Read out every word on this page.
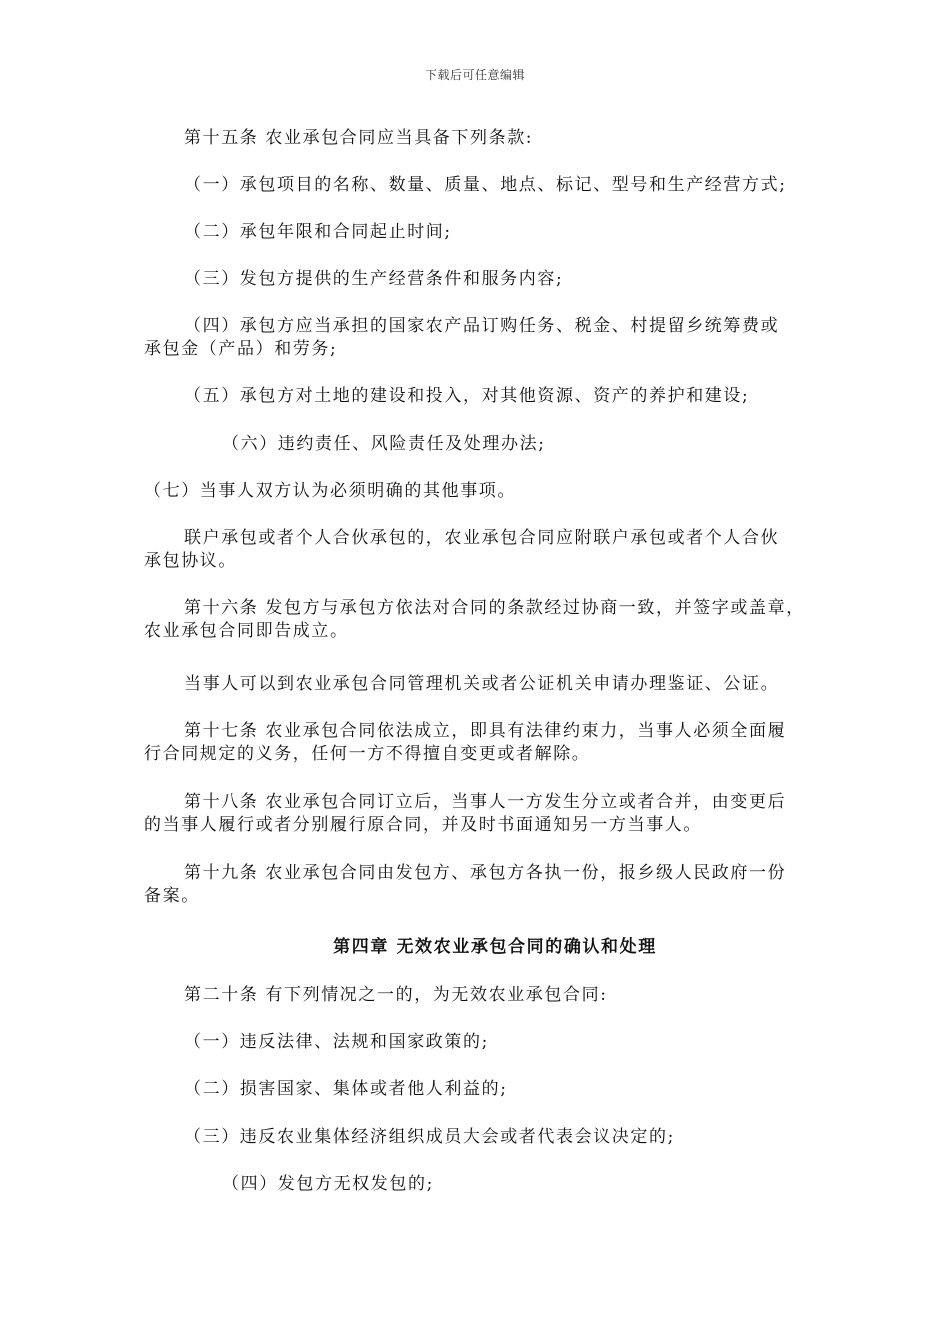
下载后可任意编辑
第十五条 农业承包合同应当具备下列条款:
（一）承包项目的名称、数量、质量、地点、标记、型号和生产经营方式;
（二）承包年限和合同起止时间;
（三）发包方提供的生产经营条件和服务内容;
（四）承包方应当承担的国家农产品订购任务、税金、村提留乡统筹费或
承包金（产品）和劳务;
（五）承包方对土地的建设和投入，对其他资源、资产的养护和建设;
（六）违约责任、风险责任及处理办法;
（七）当事人双方认为必须明确的其他事项。
联户承包或者个人合伙承包的，农业承包合同应附联户承包或者个人合伙
承包协议。
第十六条 发包方与承包方依法对合同的条款经过协商一致，并签字或盖章，
农业承包合同即告成立。
当事人可以到农业承包合同管理机关或者公证机关申请办理鉴证、公证。
第十七条 农业承包合同依法成立，即具有法律约束力，当事人必须全面履
行合同规定的义务，任何一方不得擅自变更或者解除。
第十八条 农业承包合同订立后，当事人一方发生分立或者合并，由变更后
的当事人履行或者分别履行原合同，并及时书面通知另一方当事人。
第十九条 农业承包合同由发包方、承包方各执一份，报乡级人民政府一份
备案。
第四章 无效农业承包合同的确认和处理
第二十条 有下列情况之一的，为无效农业承包合同:
（一）违反法律、法规和国家政策的;
（二）损害国家、集体或者他人利益的;
（三）违反农业集体经济组织成员大会或者代表会议决定的;
（四）发包方无权发包的;
